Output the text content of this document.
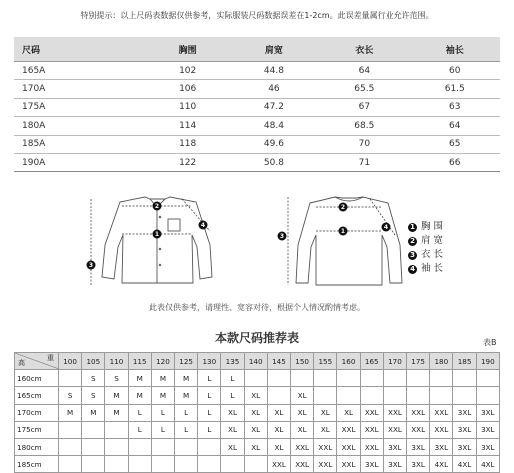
特别提示：以上尺码表数据仅供参考，实际服装尺码数据误差在1-2cm。此误差量属行业允许范围。
尺码	胸围	肩宽	衣长	袖长
165A	102	44.8	64	60
170A	106	46	65.5	61.5
175A	110	47.2	67	63
180A	114	48.4	68.5	64
185A	118	49.6	70	65
190A	122	50.8	71	66
2
1
3
4
2
1
3
4	1 胸 围
2 肩 宽
3 衣 长
4 袖 长
此表仅供参考，请理性、宽容对待，根据个人情况酌情考虑。
本款尺码推荐表	表B
高
重	100	105	110	115	120	125	130	135	140	145	150	155	160	165	170	175	180	185	190
160cm		S	S	M	M	M	L	L											
165cm	S	S	M	M	M	M	L	L	XL		XL								
170cm	M	M	M	L	L	L	L	XL	XL	XL	XL	XL	XL	XXL	XXL	XXL	XXL	3XL	3XL
175cm				L	L	L	L	XL	XL	XL	XL	XL	XXL	XXL	XXL	XXL	XXL	3XL	3XL
180cm								XL	XL	XL	XXL	XXL	XXL	XXL	3XL	3XL	3XL	3XL	3XL
185cm										XXL	XXL	XXL	XXL	3XL	3XL	3XL	4XL	4XL	4XL
